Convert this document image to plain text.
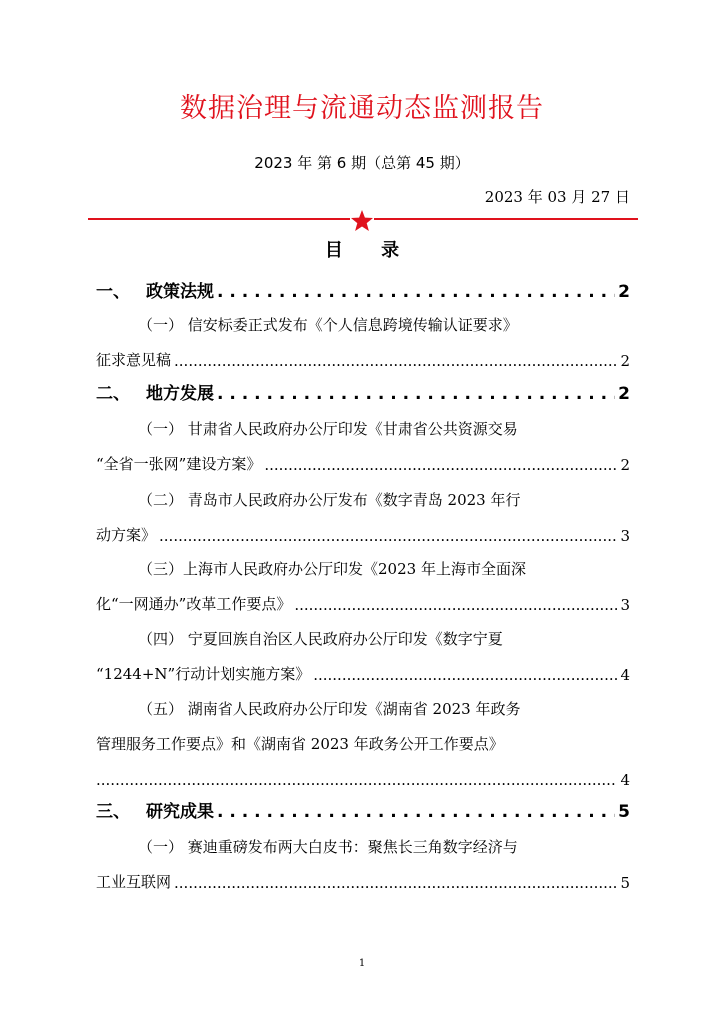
数据治理与流通动态监测报告
2023 年 第 6 期（总第 45 期）
2023 年 03 月 27 日
目 录
一、 政策法规 . . .	2
（一） 信安标委正式发布《个人信息跨境传输认证要求》
征求意见稿 .....	2
二、 地方发展 . . .	2
（一） 甘肃省人民政府办公厅印发《甘肃省公共资源交易
“全省一张网”建设方案》 .....	2
（二） 青岛市人民政府办公厅发布《数字青岛 2023 年行
动方案》 .....	3
（三）上海市人民政府办公厅印发《2023 年上海市全面深
化“一网通办”改革工作要点》 .....	3
（四） 宁夏回族自治区人民政府办公厅印发《数字宁夏
“1244+N”行动计划实施方案》 .....	4
（五） 湖南省人民政府办公厅印发《湖南省 2023 年政务
管理服务工作要点》和《湖南省 2023 年政务公开工作要点》
.....
4
三、 研究成果 . . .	5
（一） 赛迪重磅发布两大白皮书：聚焦长三角数字经济与
工业互联网 .....	5
1
